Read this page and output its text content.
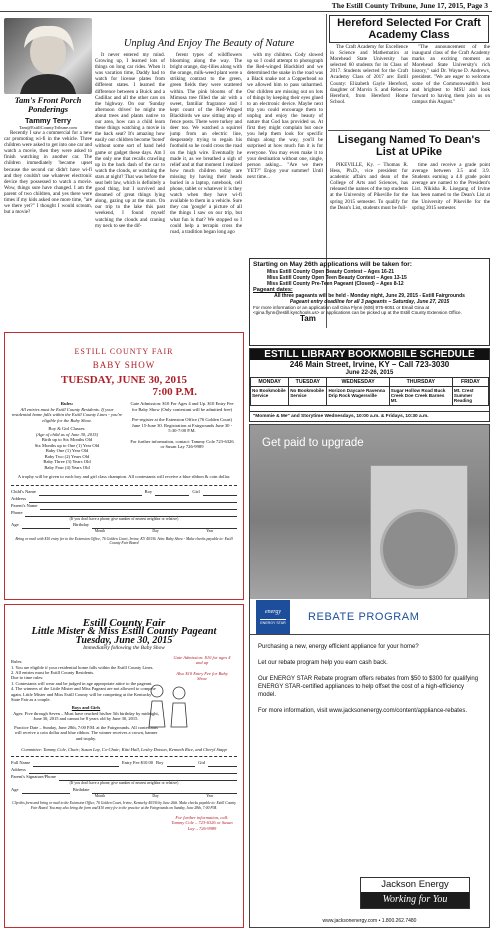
The Estill County Tribune, June 17, 2015, Page 3
Tam's Front Porch Ponderings
Tammy Terry
Tam@EstillCountyTribune.com

Recently I saw a commercial for a new car promoting wi-fi in the vehicle. Three children were asked to get into one car and watch a movie, then they were asked to finish watching in another car. The children immediately 'became upset because the second car didn't have wi-fi and they couldn't use whatever electronic device they possessed to watch a movie. Wow, things sure have changed. I am the parent of two children, and yes there were times if my kids asked one more time, "are we there yet?" I thought I would scream, but a movie?

Unplug And Enjoy The Beauty of Nature

It never entered my mind. Growing up, I learned lots of things on long car rides. When it was vacation time, Daddy had to watch for license plates from different states. I learned the difference between a Buick and a Cadillac and all the other cars on the highway. On our 'Sunday afternoon drives' he might me about trees and plants native to our area, how can a child learn these things watching a movie in the back seat? It's amazing how easily our children become 'bored' without some sort of hand held game or gadget these days. Am I the only one that recalls crawling up in the back dash of the car to watch the clouds, or watching the stars at night? That was before the seat belt law, which is definitely a good thing, but I survived and dreamed of great things lying along, gazing up at the stars. On our trip to the lake this past weekend, I found myself watching the clouds and craning my neck to see the dif-

ferent types of wildflowers blooming along the way. The bright orange, day-lilies along with the orange, milk-weed plant were a striking contrast to the green, green fields they were scattered within. The pink blooms of the Mimosa tree filled the air with a sweet, familiar fragrance and I kept count of the Red-Winged Blackbirds we saw sitting atop of fence posts. There were turkey and deer too. We watched a squirrel jump from an electric line, desperately trying to regain his foothold so he could cross the road on the high wire. Eventually he made it, as we breathed a sigh of relief and at that moment I realized how much children today are missing by having their heads buried in a laptop, notebook, cell phone, tablet or whatever it is they watch when they have wi-fi available to them in a vehicle. Sure they can 'google' a picture of all the things I saw on our trip, but what fun is that? We stopped so I could help a terrapin cross the road, a tradition began long ago

with my children. Cody slowed up so I could attempt to photograph the Red-winged Blackbird and we determined the snake in the road was a Black snake not a Copperhead so we allowed him to pass unharmed. Our children are missing out on lots of things by keeping their eyes glued to an electronic device. Maybe next trip you could encourage them to unplug and enjoy the beauty of nature that God has provided us. At first they might complain but once you help them look for specific things along the way, you'll be surprised at how much fun it is for everyone. You may even make it to your destination without one, single, person asking... "Are we there YET?" Enjoy your summer! Until next time...

Tam
Hereford Selected For Craft Academy Class

The Craft Academy for Excellence in Science and Mathematics at Morehead State University has selected 60 students for its Class of 2017. Students selected for the Craft Academy Class of 2017 are: Estill County: Elizabeth Gayle Hereford, daughter of Marvin S. and Rebecca Hereford, from Hereford Home School.

"The announcement of the inaugural class of the Craft Academy marks an exciting moment as Morehead State University's rich history," said Dr. Wayne D. Andrews, president. "We are eager to welcome some of the Commonwealth's best and brightest to MSU and look forward to having them join us on campus this August."

Lisegang Named To Dean's List at UPike

PIKEVILLE, Ky. – Thomas R. Hess, Ph.D., vice president for academic affairs and dean of the College of Arts and Sciences, has released the names of the top students at the University of Pikeville for the spring 2015 semester. To qualify for the Dean's List, students must be full-

time and receive a grade point average between 3.5 and 3.9. Students earning a 4.0 grade point average are named to the President's List. Nikisha R. Lisegang of Irvine has been named to the Dean's List at the University of Pikeville for the spring 2015 semester.

Starting on May 26th applications will be taken for:
Miss Estill County Open Beauty Contest – Ages 16-21
Miss Estill County Open Teen Beauty Contest – Ages 13-15
Miss Estill County Pre-Teen Pageant (Closed) – Ages 8-12
Pageant dates:
All three pageants will be held - Monday night, June 29, 2015 - Estill Fairgrounds
Pageant entry deadline for all 3 pageants – Saturday, June 27, 2015
For more information or an application call Gina Flynn (606) 975-6051 or Email Gina at <gina.flynn@estill.kyschools.us> or applications can be picked up at the Estill County Extension Office.
ESTILL LIBRARY BOOKMOBILE SCHEDULE
246 Main Street, Irvine, KY – Call 723-3030
June 22-26, 2015
MONDAY	TUESDAY	WEDNESDAY	THURSDAY	FRIDAY
No Bookmobile Service	No Bookmobile Service	Horizon Daycare Ravenna Drip Rock Wagersville	Sugar Hollow Road Buck Creek Doe Creek Barnes Mt.	Mt. Crest Summer Reading
"Mommie & Me" and Storytime Wednesdays, 10:00 a.m. & Fridays, 10:30 a.m.
ESTILL COUNTY FAIR
BABY SHOW
TUESDAY, JUNE 30, 2015
7:00 P.M.
Rules:
All entries must be Estill County Residents. If your residential home falls within the Estill County Lines - you're eligible for the Baby Show.
Boy & Girl Classes:
(Age of child as of June 30, 2015)
Birth up to Six Months Old
Six Months up to One (1) Year Old
Baby One (1) Year Old
Baby Two (2) Years Old
Baby Three (3) Years Old
Baby Four (4) Years Old
Gate Admission: $10 For Ages 4 and Up. $10 Entry Fee for Baby Show (Only contestant will be admitted free)
Pre-register at the Extension Office (76 Golden Court) June 15-June 30. Registration at Fairgrounds June 30 - 5:30-7:00 P.M.
For further information, contact: Tammy Cole 723-6326 or Susan Lay 726-9989
A trophy will be given to each boy and girl class champion. All contestants will receive a blue ribbon & coin dollar.
Child's Name	Boy	Girl
Address
Parent's Name
Phone
(If you don't have a phone, give number of nearest neighbor or relative)
Age	Birthday
Month	Day	Year
Bring or mail with $10 entry fee to the Extension Office, 76 Golden Court, Irvine, KY 40336. Attn: Baby Show - Make checks payable to: Estill County Fair Board
Estill County Fair
Little Mister & Miss Estill County Pageant
Tuesday, June 30, 2015
Immediately following the Baby Show
Gate Admission: $10 for ages 4 and up
Also $10 Entry Fee for Baby Show
Rules:
1. You are eligible if your residential home falls within the Estill County Lines.
2. All entries must be Estill County Residents.
Due to time rules:
1. Contestants will wear and be judged in age appropriate attire to the pageant.
4. The winners of the Little Mister and Miss Pageant are not allowed to compete again. Little Mister and Miss Estill County will be competing at the Kentucky State Fair as a couple.
Boys and Girls
Ages: Five through Seven – Must have reached his/her 5th birthday by midnight, June 30, 2015 and cannot be 8 years old by June 30, 2015.
Practice Date – Sunday, June 28th, 7:00 P.M. at the Fairgrounds. All contestants will receive a coin dollar and blue ribbon. The winner receives a crown, banner and trophy.
For further information, call: Tammy Cole – 723-6326 or Susan Lay – 726-9989
Committee: Tammy Cole, Chair; Susan Lay, Co-Chair; Kitti Hall, Lesley Dotson, Kenneth Rice, and Cheryl Stapp
Full Name	Entry Fee $10.00 Boy	Girl
Address
Parent's Signature/Phone
(If you don't have a phone, give number of nearest neighbor or relative)
Age	Birthdate
Month	Day	Year
Clip this form and bring or mail to the Extension Office, 76 Golden Court, Irvine, Kentucky 40336 by June 26th. Make checks payable to: Estill County Fair Board. You may also bring the form and $10 entry fee to the practice at the Fairgrounds on Sunday, June 28th, 7:00 P.M.
Get paid to upgrade
energy
ENERGY STAR REBATE PROGRAM

Purchasing a new, energy efficient appliance for your home?

Let our rebate program help you earn cash back.

Our ENERGY STAR Rebate program offers rebates from $50 to $300 for qualifying ENERGY STAR-certified appliances to help offset the cost of a high-efficiency model.

For more information, visit www.jacksonenergy.com/content/appliance-rebates.

Jackson Energy
Working for You
www.jacksonenergy.com • 1.800.262.7480
